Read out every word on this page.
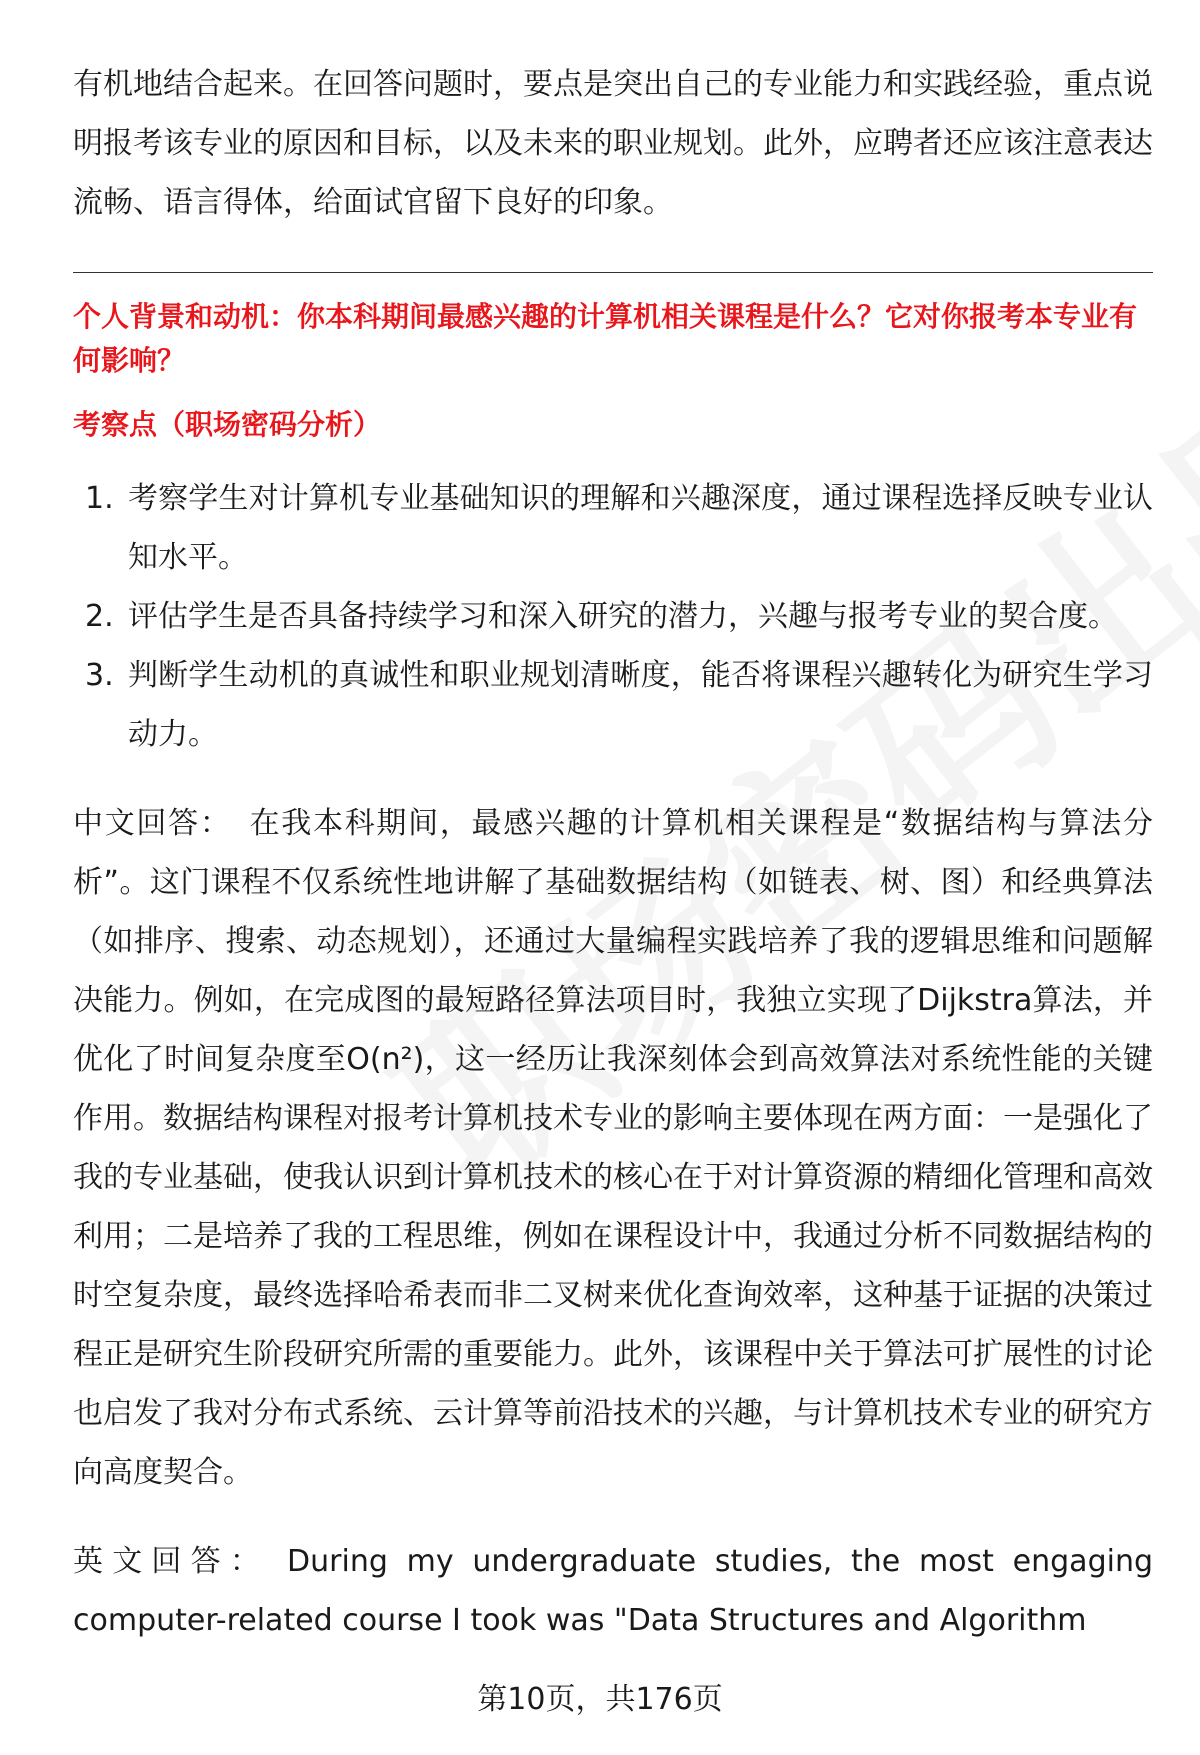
有机地结合起来。在回答问题时，要点是突出自己的专业能力和实践经验，重点说明报考该专业的原因和目标，以及未来的职业规划。此外，应聘者还应该注意表达流畅、语言得体，给面试官留下良好的印象。

个人背景和动机：你本科期间最感兴趣的计算机相关课程是什么？它对你报考本专业有何影响？
考察点（职场密码分析）
1. 考察学生对计算机专业基础知识的理解和兴趣深度，通过课程选择反映专业认知水平。
2. 评估学生是否具备持续学习和深入研究的潜力，兴趣与报考专业的契合度。
3. 判断学生动机的真诚性和职业规划清晰度，能否将课程兴趣转化为研究生学习动力。

中文回答： 在我本科期间，最感兴趣的计算机相关课程是“数据结构与算法分析”。这门课程不仅系统性地讲解了基础数据结构（如链表、树、图）和经典算法（如排序、搜索、动态规划），还通过大量编程实践培养了我的逻辑思维和问题解决能力。例如，在完成图的最短路径算法项目时，我独立实现了Dijkstra算法，并优化了时间复杂度至O(n²)，这一经历让我深刻体会到高效算法对系统性能的关键作用。数据结构课程对报考计算机技术专业的影响主要体现在两方面：一是强化了我的专业基础，使我认识到计算机技术的核心在于对计算资源的精细化管理和高效利用；二是培养了我的工程思维，例如在课程设计中，我通过分析不同数据结构的时空复杂度，最终选择哈希表而非二叉树来优化查询效率，这种基于证据的决策过程正是研究生阶段研究所需的重要能力。此外，该课程中关于算法可扩展性的讨论也启发了我对分布式系统、云计算等前沿技术的兴趣，与计算机技术专业的研究方向高度契合。

英文回答： During my undergraduate studies, the most engaging computer-related course I took was "Data Structures and Algorithm

第10页，共176页
